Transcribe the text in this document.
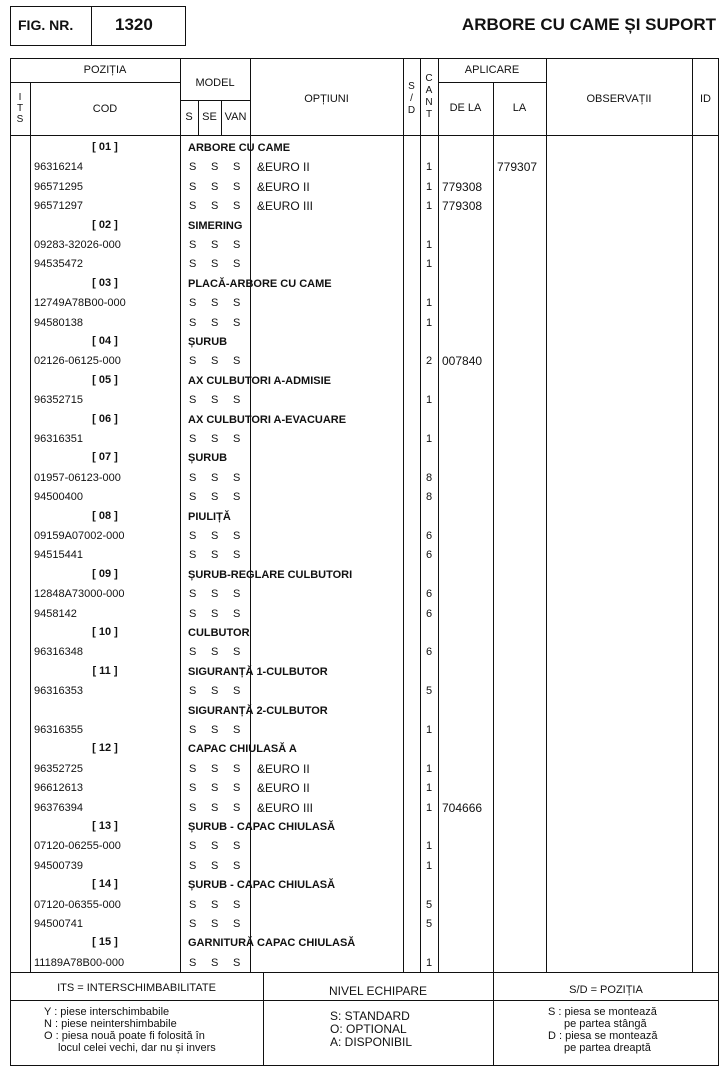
FIG. NR. 1320	ARBORE CU CAME ȘI SUPORT
POZIȚIA
I
T
S
COD
MODEL
S SE VAN
OPȚIUNI
S
/
D
C
A
N
T
APLICARE
DE LA	LA
OBSERVAȚII	ID
[ 01 ]	ARBORE CU CAME
96316214	S S S &EURO II	1	779307
96571295	S S S &EURO II	1 779308
96571297	S S S &EURO III	1 779308
[ 02 ]	SIMERING
09283-32026-000	S S S	1
94535472	S S S	1
[ 03 ]	PLACĂ-ARBORE CU CAME
12749A78B00-000	S S S	1
94580138	S S S	1
[ 04 ]	ȘURUB
02126-06125-000	S S S	2 007840
[ 05 ]	AX CULBUTORI A-ADMISIE
96352715	S S S	1
[ 06 ]	AX CULBUTORI A-EVACUARE
96316351	S S S	1
[ 07 ]	ȘURUB
01957-06123-000	S S S	8
94500400	S S S	8
[ 08 ]	PIULIȚĂ
09159A07002-000	S S S	6
94515441	S S S	6
[ 09 ]	ȘURUB-REGLARE CULBUTORI
12848A73000-000	S S S	6
9458142	S S S	6
[ 10 ]	CULBUTOR
96316348	S S S	6
[ 11 ]	SIGURANȚĂ 1-CULBUTOR
96316353	S S S	5
SIGURANȚĂ 2-CULBUTOR
96316355	S S S	1
[ 12 ]	CAPAC CHIULASĂ A
96352725	S S S &EURO II	1
96612613	S S S &EURO II	1
96376394	S S S &EURO III	1 704666
[ 13 ]	ȘURUB - CAPAC CHIULASĂ
07120-06255-000	S S S	1
94500739	S S S	1
[ 14 ]	ȘURUB - CAPAC CHIULASĂ
07120-06355-000	S S S	5
94500741	S S S	5
[ 15 ]	GARNITURĂ CAPAC CHIULASĂ
11189A78B00-000	S S S	1
ITS = INTERSCHIMBABILITATE
Y : piese interschimbabile
N : piese neintershimbabile
O : piesa nouă poate fi folosită în
locul celei vechi, dar nu și invers
NIVEL ECHIPARE
S: STANDARD
O: OPTIONAL
A: DISPONIBIL
S/D = POZIȚIA
S : piesa se montează
pe partea stângă
D : piesa se montează
pe partea dreaptă
